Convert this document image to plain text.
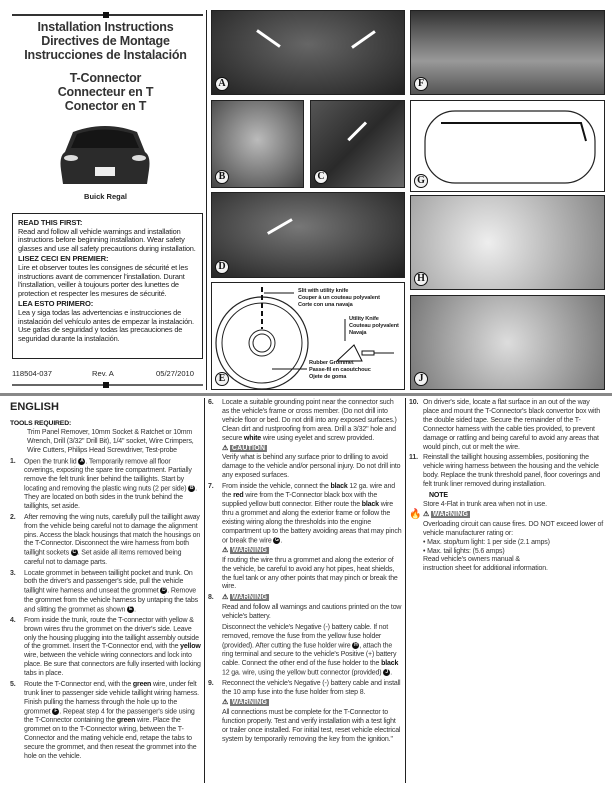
Installation Instructions
Directives de Montage
Instrucciones de Instalación
T-Connector
Connecteur en T
Conector en T
Buick Regal
READ THIS FIRST:

Read and follow all vehicle warnings and installation instructions before beginning installation. Wear safety glasses and use all safety precautions during installation.

LISEZ CECI EN PREMIER:

Lire et observer toutes les consignes de sécurité et les instructions avant de commencer l'installation. Durant l'installation, veiller à toujours porter des lunettes de protection et respecter les mesures de sécurité.

LEA ESTO PRIMERO:

Lea y siga todas las advertencias e instrucciones de instalación del vehículo antes de empezar la instalación. Use gafas de seguridad y todas las precauciones de seguridad durante la instalación.

118504-037	Rev. A	05/27/2010
A
B	C
D
Slit with utility knife
Couper à un couteau polyvalent
Corte con una navaja
Utility Knife
Couteau polyvalent
Navaja
Rubber Grommet
Passe-fil en caoutchouc
Ojete de goma
E
F
G
H
J
ENGLISH
TOOLS REQUIRED:
Trim Panel Remover, 10mm Socket & Ratchet or 10mm Wrench, Drill (3/32" Drill Bit), 1/4" socket, Wire Crimpers, Wire Cutters, Philips Head Screwdriver, Test-probe
1. Open the trunk lid A . Temporarily remove all floor coverings, exposing the spare tire compartment. Partially remove the felt trunk liner behind the taillights. Start by locating and removing the plastic wing nuts (2 per side) B . They are located on both sides in the trunk behind the taillights, set aside.
2. After removing the wing nuts, carefully pull the taillight away from the vehicle being careful not to damage the alignment pins. Access the black housings that match the housings on the T-Connector. Disconnect the wire harness from both taillight sockets C . Set aside all items removed being careful not to damage parts.
3. Locate grommet in between taillight pocket and trunk. On both the driver's and passenger's side, pull the vehicle taillight wire harness and unseat the grommet D . Remove the grommet from the vehicle harness by untaping the tabs and slitting the grommet as shown E .
4. From inside the trunk, route the T-connector with yellow & brown wires thru the grommet on the driver's side. Leave only the housing plugging into the taillight assembly outside of the grommet. Insert the T-Connector end, with the yellow wire, between the vehicle wiring connectors and lock into place. Be sure that connectors are fully inserted with locking tabs in place.
5. Route the T-Connector end, with the green wire, under felt trunk liner to passenger side vehicle taillight wiring harness. Finish pulling the harness through the hole up to the grommet F . Repeat step 4 for the passenger's side using the T-Connector containing the green wire. Place the grommet on to the T-Connector wiring, between the T-Connector and the mating vehicle end, retape the tabs to secure the grommet, and then reseat the grommet into the hole on the vehicle.
6. Locate a suitable grounding point near the connector such as the vehicle's frame or cross member. (Do not drill into vehicle floor or bed. Do not drill into any exposed surfaces.) Clean dirt and rustproofing from area. Drill a 3/32" hole and secure white wire using eyelet and screw provided.
⚠ CAUTION
Verify what is behind any surface prior to drilling to avoid damage to the vehicle and/or personal injury. Do not drill into any exposed surfaces.
7. From inside the vehicle, connect the black 12 ga. wire and the red wire from the T-Connector black box with the supplied yellow butt connector. Either route the black wire thru a grommet and along the exterior frame or follow the existing wiring along the thresholds into the engine compartment up to the battery avoiding areas that may pinch or break the wire G .
⚠ WARNING
If routing the wire thru a grommet and along the exterior of the vehicle, be careful to avoid any hot pipes, heat shields, the fuel tank or any other points that may pinch or break the wire.
8. ⚠ WARNING
Read and follow all warnings and cautions printed on the tow vehicle's battery.
Disconnect the vehicle's Negative (-) battery cable. If not removed, remove the fuse from the yellow fuse holder (provided). After cutting the fuse holder wire H , attach the ring terminal and secure to the vehicle's Positive (+) battery cable. Connect the other end of the fuse holder to the black 12 ga. wire, using the yellow butt connector (provided) J .
9. Reconnect the vehicle's Negative (-) battery cable and install the 10 amp fuse into the fuse holder from step 8.
⚠ WARNING
All connections must be complete for the T-Connector to function properly. Test and verify installation with a test light or trailer once installed. For initial test, reset vehicle electrical system by temporarily removing the key from the ignition."
10. On driver's side, locate a flat surface in an out of the way place and mount the T-Connector's black convertor box with the double sided tape. Secure the remainder of the T-Connector harness with the cable ties provided, to prevent damage or rattling and being careful to avoid any areas that would pinch, cut or melt the wire.
11. Reinstall the taillight housing assemblies, positioning the vehicle wiring harness between the housing and the vehicle body. Replace the trunk threshold panel, floor coverings and felt trunk liner removed during installation.
NOTE
Store 4-Flat in trunk area when not in use.
🔥 ⚠ WARNING
Overloading circuit can cause fires. DO NOT exceed lower of vehicle manufacturer rating or:
• Max. stop/turn light: 1 per side (2.1 amps)
• Max. tail lights: (5.6 amps)
Read vehicle's owners manual &
instruction sheet for additional information.
